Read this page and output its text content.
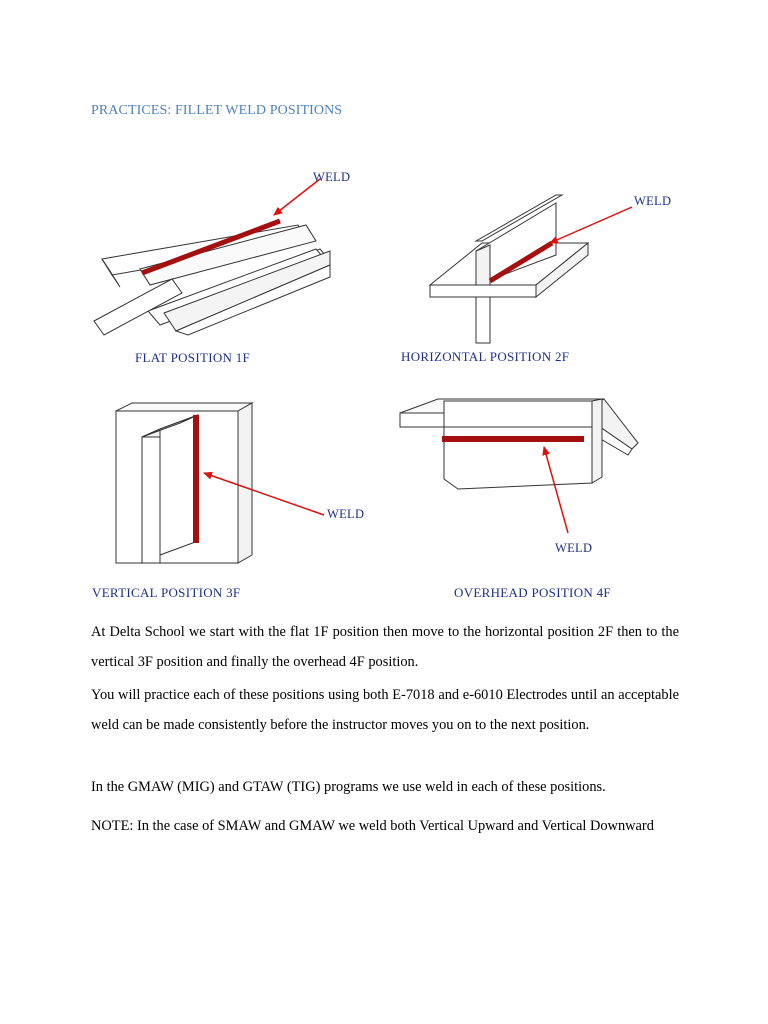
PRACTICES: FILLET WELD POSITIONS
WELD
FLAT POSITION 1F
WELD
HORIZONTAL POSITION 2F
WELD
VERTICAL POSITION 3F
WELD
OVERHEAD POSITION 4F

At Delta School we start with the flat 1F position then move to the horizontal position 2F then to the vertical 3F position and finally the overhead 4F position.

You will practice each of these positions using both E-7018 and e-6010 Electrodes until an acceptable weld can be made consistently before the instructor moves you on to the next position.

In the GMAW (MIG) and GTAW (TIG) programs we use weld in each of these positions.

NOTE: In the case of SMAW and GMAW we weld both Vertical Upward and Vertical Downward
